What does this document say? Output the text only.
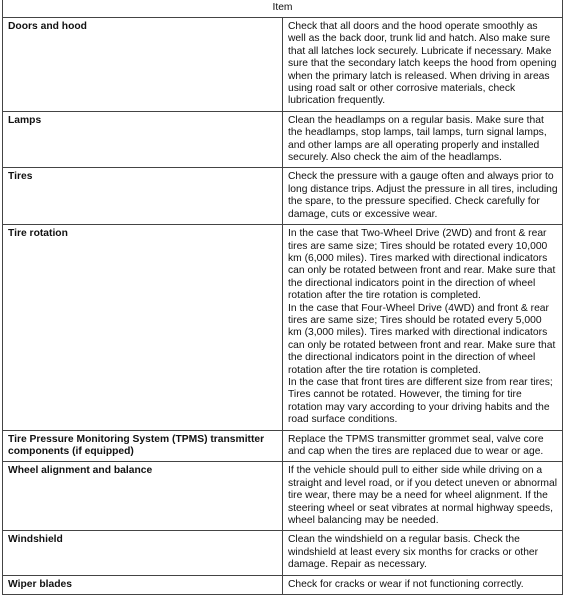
Item	
Doors and hood	Check that all doors and the hood operate smoothly as well as the back door, trunk lid and hatch. Also make sure that all latches lock securely. Lubricate if necessary. Make sure that the secondary latch keeps the hood from opening when the primary latch is released. When driving in areas using road salt or other corrosive materials, check lubrication frequently.
Lamps	Clean the headlamps on a regular basis. Make sure that the headlamps, stop lamps, tail lamps, turn signal lamps, and other lamps are all operating properly and installed securely. Also check the aim of the headlamps.
Tires	Check the pressure with a gauge often and always prior to long distance trips. Adjust the pressure in all tires, including the spare, to the pressure specified. Check carefully for damage, cuts or excessive wear.
Tire rotation	In the case that Two-Wheel Drive (2WD) and front & rear tires are same size; Tires should be rotated every 10,000 km (6,000 miles). Tires marked with directional indicators can only be rotated between front and rear. Make sure that the directional indicators point in the direction of wheel rotation after the tire rotation is completed.
In the case that Four-Wheel Drive (4WD) and front & rear tires are same size; Tires should be rotated every 5,000 km (3,000 miles). Tires marked with directional indicators can only be rotated between front and rear. Make sure that the directional indicators point in the direction of wheel rotation after the tire rotation is completed.
In the case that front tires are different size from rear tires; Tires cannot be rotated. However, the timing for tire rotation may vary according to your driving habits and the road surface conditions.

Tire Pressure Monitoring System (TPMS) transmitter components (if equipped)	Replace the TPMS transmitter grommet seal, valve core and cap when the tires are replaced due to wear or age.
Wheel alignment and balance	If the vehicle should pull to either side while driving on a straight and level road, or if you detect uneven or abnormal tire wear, there may be a need for wheel alignment. If the steering wheel or seat vibrates at normal highway speeds, wheel balancing may be needed.
Windshield	Clean the windshield on a regular basis. Check the windshield at least every six months for cracks or other damage. Repair as necessary.
Wiper blades	Check for cracks or wear if not functioning correctly.
